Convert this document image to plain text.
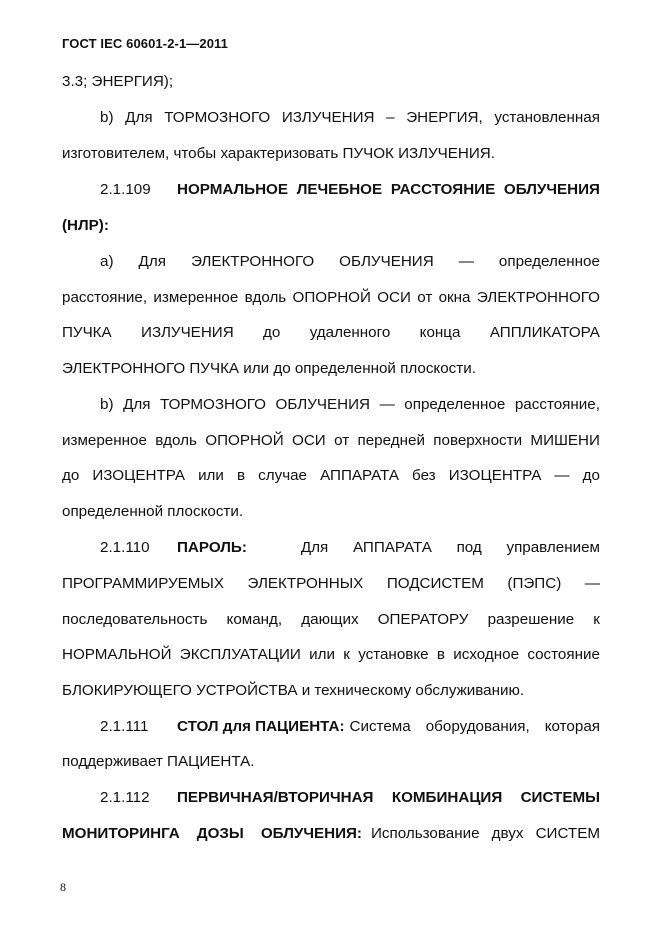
ГОСТ IEC 60601-2-1—2011
3.3; ЭНЕРГИЯ);
b) Для ТОРМОЗНОГО ИЗЛУЧЕНИЯ – ЭНЕРГИЯ, установленная
изготовителем, чтобы характеризовать ПУЧОК ИЗЛУЧЕНИЯ.
2.1.109	НОРМАЛЬНОЕ ЛЕЧЕБНОЕ РАССТОЯНИЕ ОБЛУЧЕНИЯ
(НЛР):
а) Для ЭЛЕКТРОННОГО ОБЛУЧЕНИЯ — определенное
расстояние, измеренное вдоль ОПОРНОЙ ОСИ от окна ЭЛЕКТРОННОГО
ПУЧКА ИЗЛУЧЕНИЯ до удаленного конца АППЛИКАТОРА
ЭЛЕКТРОННОГО ПУЧКА или до определенной плоскости.
b) Для ТОРМОЗНОГО ОБЛУЧЕНИЯ — определенное расстояние,
измеренное вдоль ОПОРНОЙ ОСИ от передней поверхности МИШЕНИ
до ИЗОЦЕНТРА или в случае АППАРАТА без ИЗОЦЕНТРА — до
определенной плоскости.
2.1.110	ПАРОЛЬ:	Для АППАРАТА под управлением
ПРОГРАММИРУЕМЫХ ЭЛЕКТРОННЫХ ПОДСИСТЕМ (ПЭПС) —
последовательность команд, дающих ОПЕРАТОРУ разрешение к
НОРМАЛЬНОЙ ЭКСПЛУАТАЦИИ или к установке в исходное состояние
БЛОКИРУЮЩЕГО УСТРОЙСТВА и техническому обслуживанию.
2.1.111	СТОЛ для ПАЦИЕНТА: Система оборудования, которая
поддерживает ПАЦИЕНТА.
2.1.112	ПЕРВИЧНАЯ/ВТОРИЧНАЯ КОМБИНАЦИЯ СИСТЕМЫ
МОНИТОРИНГА ДОЗЫ ОБЛУЧЕНИЯ: Использование двух СИСТЕМ
8
